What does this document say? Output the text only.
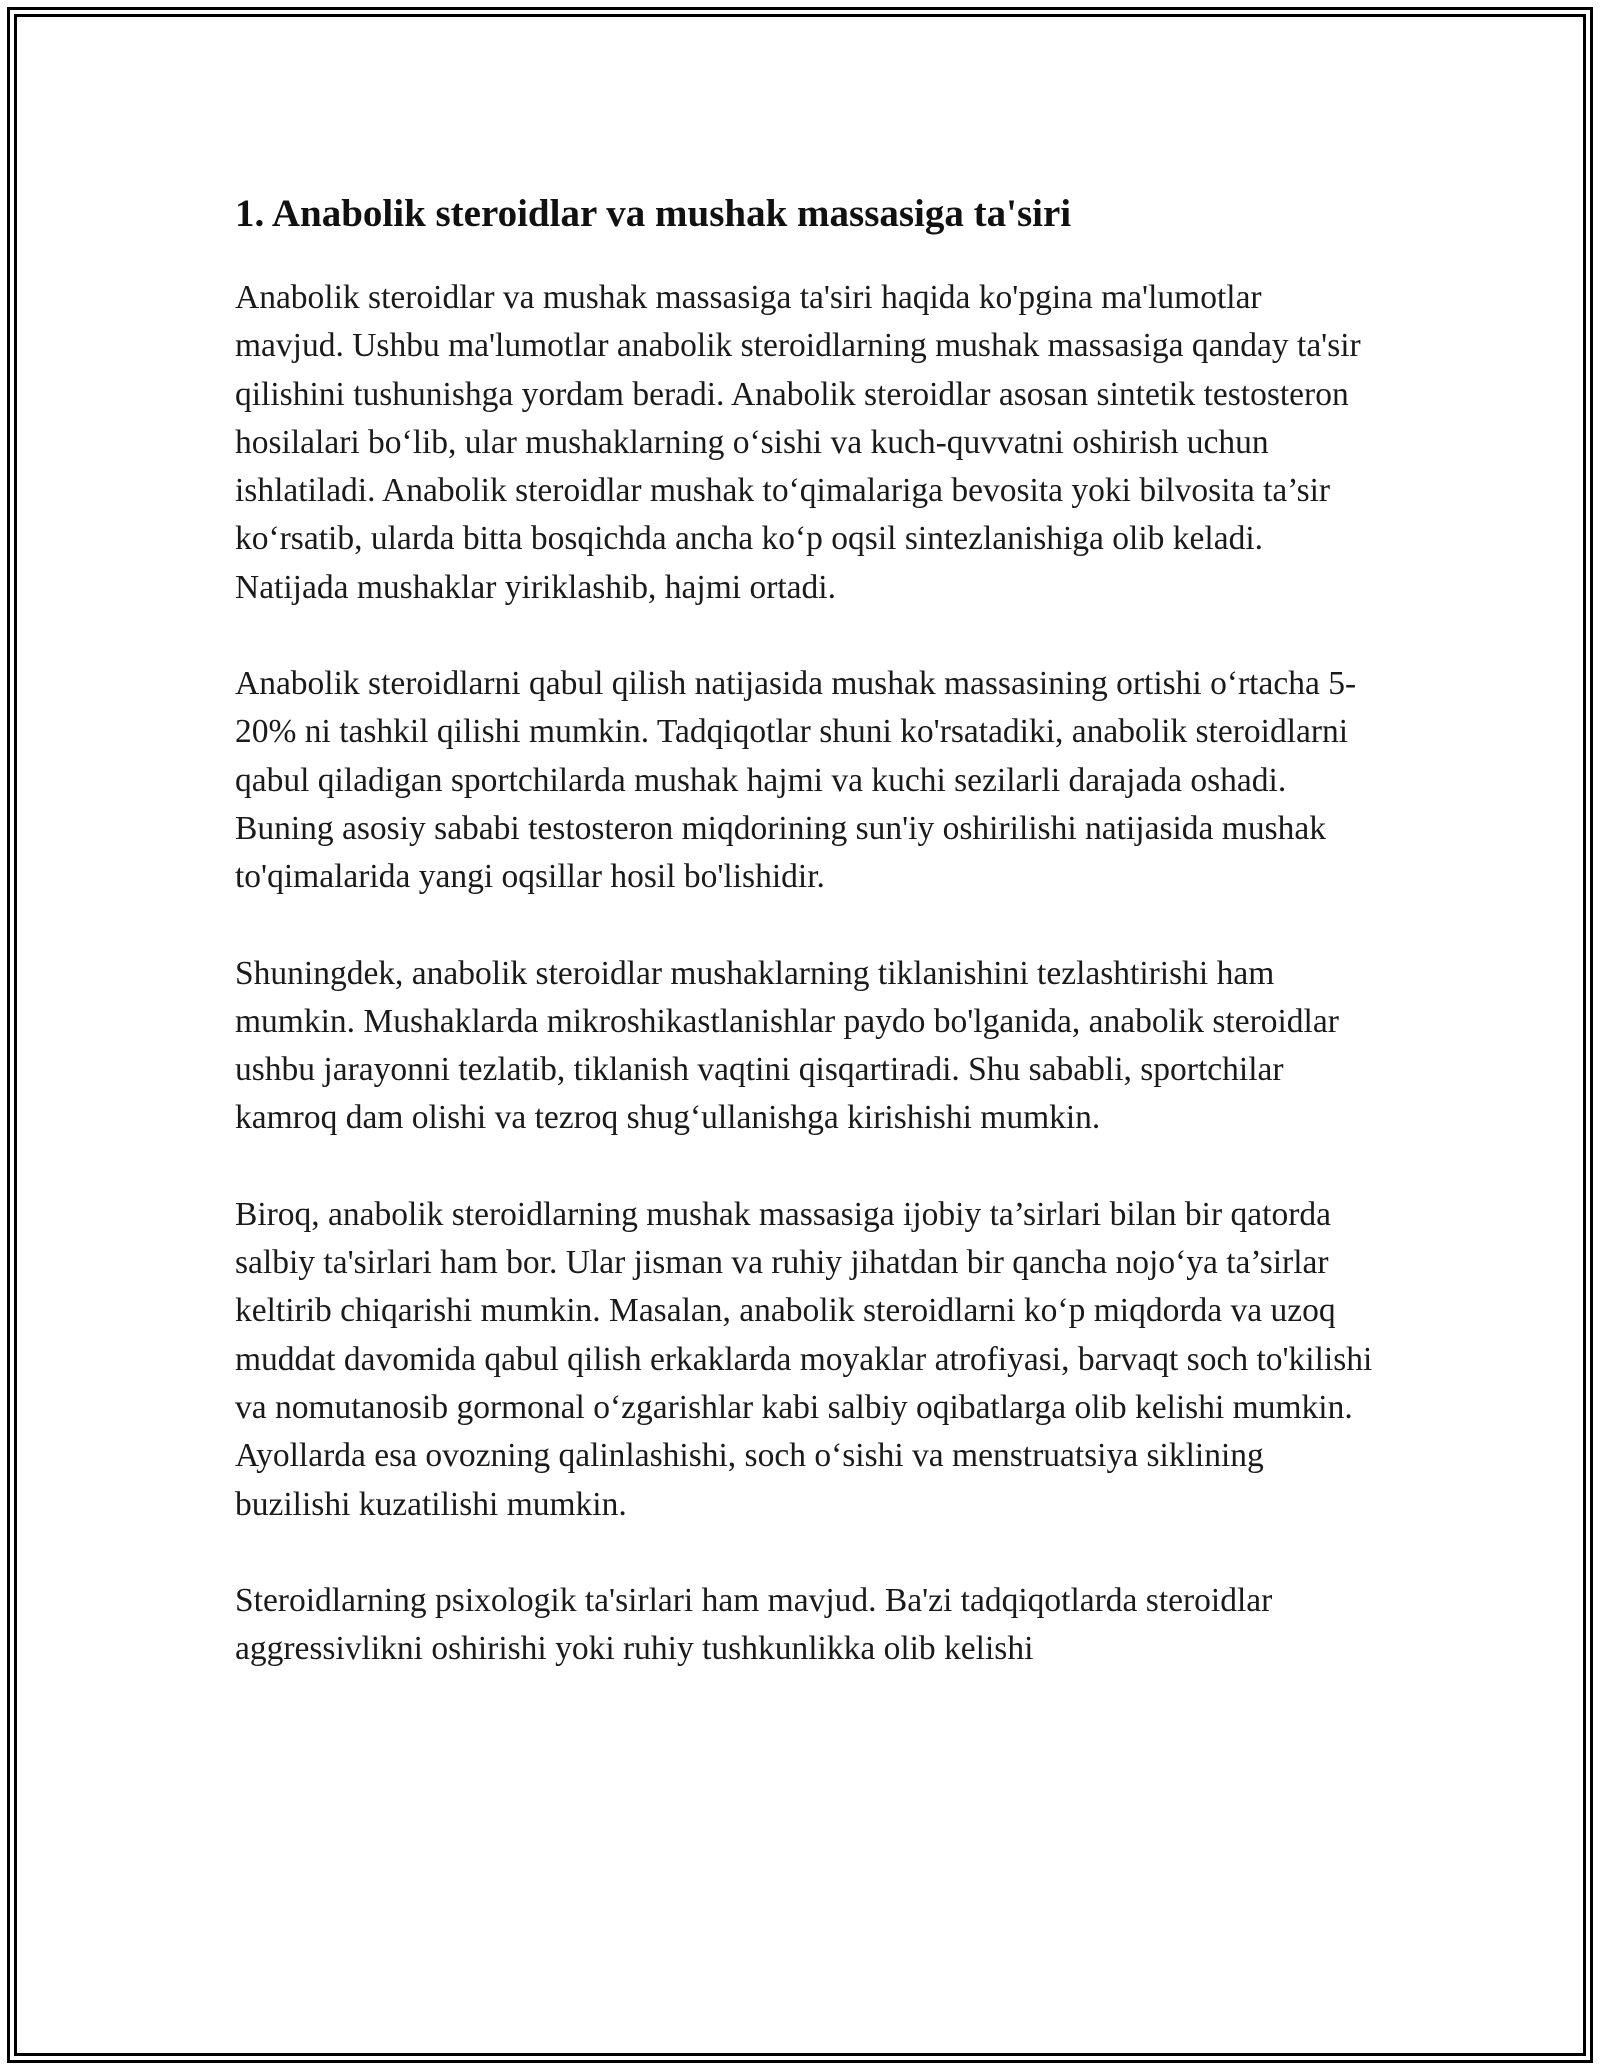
1. Anabolik steroidlar va mushak massasiga ta'siri

Anabolik steroidlar va mushak massasiga ta'siri haqida ko'pgina ma'lumotlar mavjud. Ushbu ma'lumotlar anabolik steroidlarning mushak massasiga qanday ta'sir qilishini tushunishga yordam beradi. Anabolik steroidlar asosan sintetik testosteron hosilalari bo‘lib, ular mushaklarning o‘sishi va kuch-quvvatni oshirish uchun ishlatiladi. Anabolik steroidlar mushak to‘qimalariga bevosita yoki bilvosita ta’sir ko‘rsatib, ularda bitta bosqichda ancha ko‘p oqsil sintezlanishiga olib keladi. Natijada mushaklar yiriklashib, hajmi ortadi.

Anabolik steroidlarni qabul qilish natijasida mushak massasining ortishi o‘rtacha 5-20% ni tashkil qilishi mumkin. Tadqiqotlar shuni ko'rsatadiki, anabolik steroidlarni qabul qiladigan sportchilarda mushak hajmi va kuchi sezilarli darajada oshadi. Buning asosiy sababi testosteron miqdorining sun'iy oshirilishi natijasida mushak to'qimalarida yangi oqsillar hosil bo'lishidir.

Shuningdek, anabolik steroidlar mushaklarning tiklanishini tezlashtirishi ham mumkin. Mushaklarda mikroshikastlanishlar paydo bo'lganida, anabolik steroidlar ushbu jarayonni tezlatib, tiklanish vaqtini qisqartiradi. Shu sababli, sportchilar kamroq dam olishi va tezroq shug‘ullanishga kirishishi mumkin.

Biroq, anabolik steroidlarning mushak massasiga ijobiy ta’sirlari bilan bir qatorda salbiy ta'sirlari ham bor. Ular jisman va ruhiy jihatdan bir qancha nojo‘ya ta’sirlar keltirib chiqarishi mumkin. Masalan, anabolik steroidlarni ko‘p miqdorda va uzoq muddat davomida qabul qilish erkaklarda moyaklar atrofiyasi, barvaqt soch to'kilishi va nomutanosib gormonal o‘zgarishlar kabi salbiy oqibatlarga olib kelishi mumkin. Ayollarda esa ovozning qalinlashishi, soch o‘sishi va menstruatsiya siklining buzilishi kuzatilishi mumkin.

Steroidlarning psixologik ta'sirlari ham mavjud. Ba'zi tadqiqotlarda steroidlar aggressivlikni oshirishi yoki ruhiy tushkunlikka olib kelishi
